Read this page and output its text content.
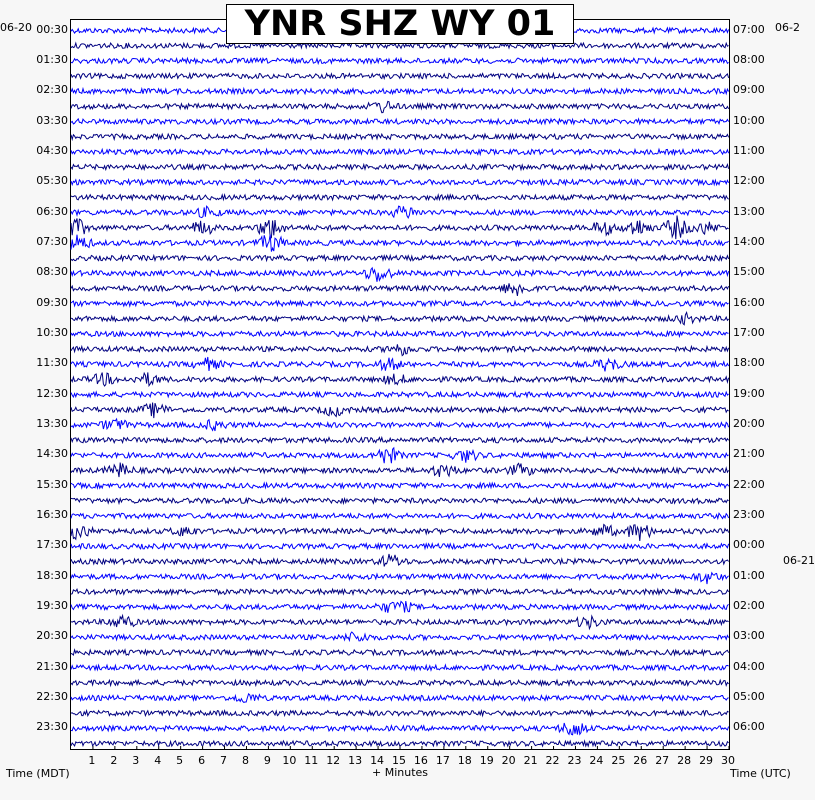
YNR SHZ WY 01
06-20	06-2
06-21
+ Minutes
Time (MDT)	Time (UTC)
00:30
01:30
02:30
03:30
04:30
05:30
06:30
07:30
08:30
09:30
10:30
11:30
12:30
13:30
14:30
15:30
16:30
17:30
18:30
19:30
20:30
21:30
22:30
23:30
07:00
08:00
09:00
10:00
11:00
12:00
13:00
14:00
15:00
16:00
17:00
18:00
19:00
20:00
21:00
22:00
23:00
00:00
01:00
02:00
03:00
04:00
05:00
06:00
1	2	3	4	5	6	7	8	9	10 11 12 13 14 15 16 17 18 19 20 21 22 23 24 25 26 27 28 29 30
